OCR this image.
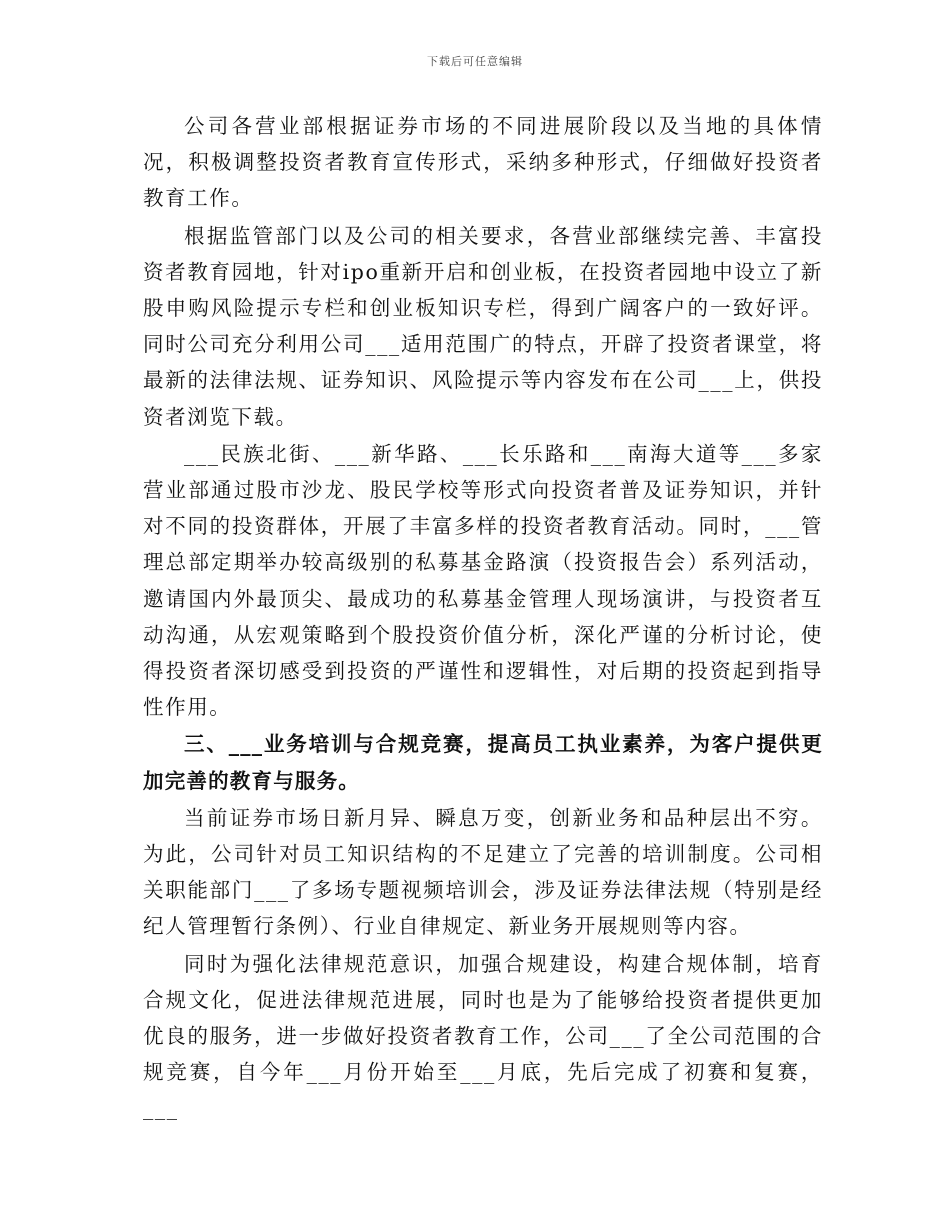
下载后可任意编辑

公司各营业部根据证券市场的不同进展阶段以及当地的具体情况，积极调整投资者教育宣传形式，采纳多种形式，仔细做好投资者教育工作。

根据监管部门以及公司的相关要求，各营业部继续完善、丰富投资者教育园地，针对ipo重新开启和创业板，在投资者园地中设立了新股申购风险提示专栏和创业板知识专栏，得到广阔客户的一致好评。同时公司充分利用公司___适用范围广的特点，开辟了投资者课堂，将最新的法律法规、证券知识、风险提示等内容发布在公司___上，供投资者浏览下载。

___民族北街、___新华路、___长乐路和___南海大道等___多家营业部通过股市沙龙、股民学校等形式向投资者普及证券知识，并针对不同的投资群体，开展了丰富多样的投资者教育活动。同时，___管理总部定期举办较高级别的私募基金路演（投资报告会）系列活动，邀请国内外最顶尖、最成功的私募基金管理人现场演讲，与投资者互动沟通，从宏观策略到个股投资价值分析，深化严谨的分析讨论，使得投资者深切感受到投资的严谨性和逻辑性，对后期的投资起到指导性作用。

三、___业务培训与合规竞赛，提高员工执业素养，为客户提供更加完善的教育与服务。

当前证券市场日新月异、瞬息万变，创新业务和品种层出不穷。为此，公司针对员工知识结构的不足建立了完善的培训制度。公司相关职能部门___了多场专题视频培训会，涉及证券法律法规（特别是经纪人管理暂行条例）、行业自律规定、新业务开展规则等内容。

同时为强化法律规范意识，加强合规建设，构建合规体制，培育合规文化，促进法律规范进展，同时也是为了能够给投资者提供更加优良的服务，进一步做好投资者教育工作，公司___了全公司范围的合规竞赛，自今年___月份开始至___月底，先后完成了初赛和复赛，___
